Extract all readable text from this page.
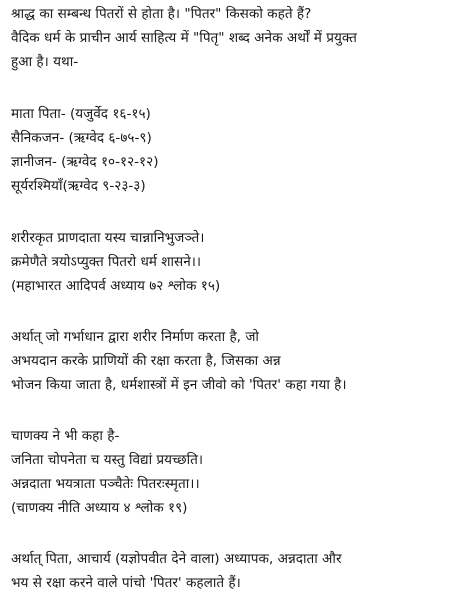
श्राद्ध का सम्बन्ध पितरों से होता है। "पितर" किसको कहते हैं?
वैदिक धर्म के प्राचीन आर्य साहित्य में "पितृ" शब्द अनेक अर्थों में प्रयुक्त
हुआ है। यथा-
माता पिता- (यजुर्वेद १६-१५)
सैनिकजन- (ऋग्वेद ६-७५-९)
ज्ञानीजन- (ऋग्वेद १०-१२-१२)
सूर्यरश्मियाँ(ऋग्वेद ९-२३-३)
शरीरकृत प्राणदाता यस्य चान्नानिभुजञ्ते।
क्रमेणैते त्रयोऽप्युक्त पितरो धर्म शासने।।
(महाभारत आदिपर्व अध्याय ७२ श्लोक १५)
अर्थात् जो गर्भाधान द्वारा शरीर निर्माण करता है, जो
अभयदान करके प्राणियों की रक्षा करता है, जिसका अन्न
भोजन किया जाता है, धर्मशास्त्रों में इन जीवो को 'पितर' कहा गया है।
चाणक्य ने भी कहा है-
जनिता चोपनेता च यस्तु विद्यां प्रयच्छति।
अन्नदाता भयत्राता पञ्चैतेः पितरःस्मृता।।
(चाणक्य नीति अध्याय ४ श्लोक १९)
अर्थात् पिता, आचार्य (यज्ञोपवीत देने वाला) अध्यापक, अन्नदाता और
भय से रक्षा करने वाले पांचो 'पितर' कहलाते हैं।
